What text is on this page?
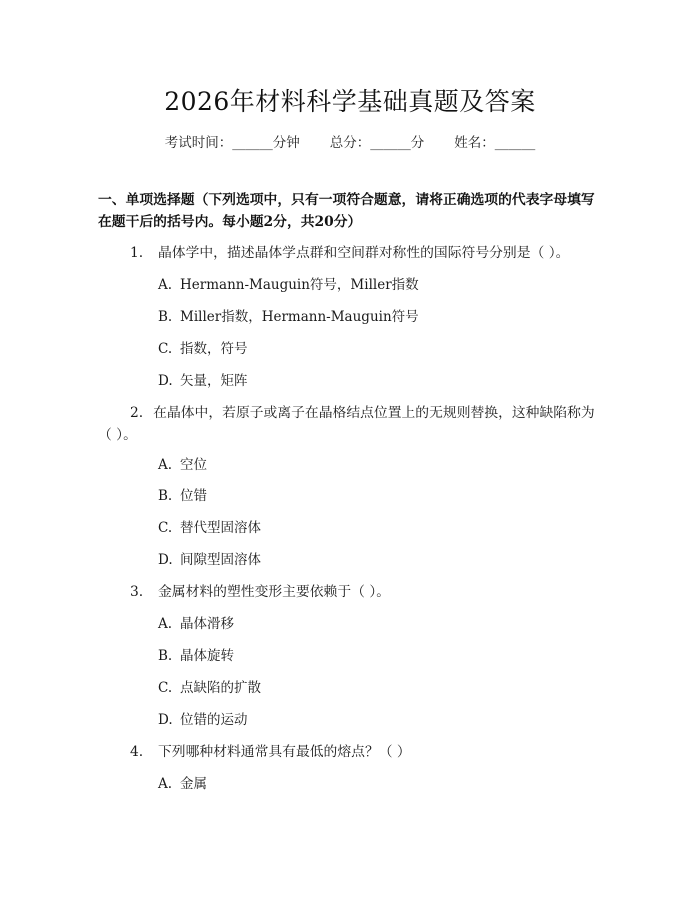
2026年材料科学基础真题及答案
考试时间：______分钟 总分：______分 姓名：______
一、单项选择题（下列选项中，只有一项符合题意，请将正确选项的代表字母填写在题干后的括号内。每小题2分，共20分）
1. 晶体学中，描述晶体学点群和空间群对称性的国际符号分别是（ ）。
A. Hermann-Mauguin符号，Miller指数
B. Miller指数，Hermann-Mauguin符号
C. 指数，符号
D. 矢量，矩阵
2. 在晶体中，若原子或离子在晶格结点位置上的无规则替换，这种缺陷称为（ ）。
A. 空位
B. 位错
C. 替代型固溶体
D. 间隙型固溶体
3. 金属材料的塑性变形主要依赖于（ ）。
A. 晶体滑移
B. 晶体旋转
C. 点缺陷的扩散
D. 位错的运动
4. 下列哪种材料通常具有最低的熔点？（ ）
A. 金属
